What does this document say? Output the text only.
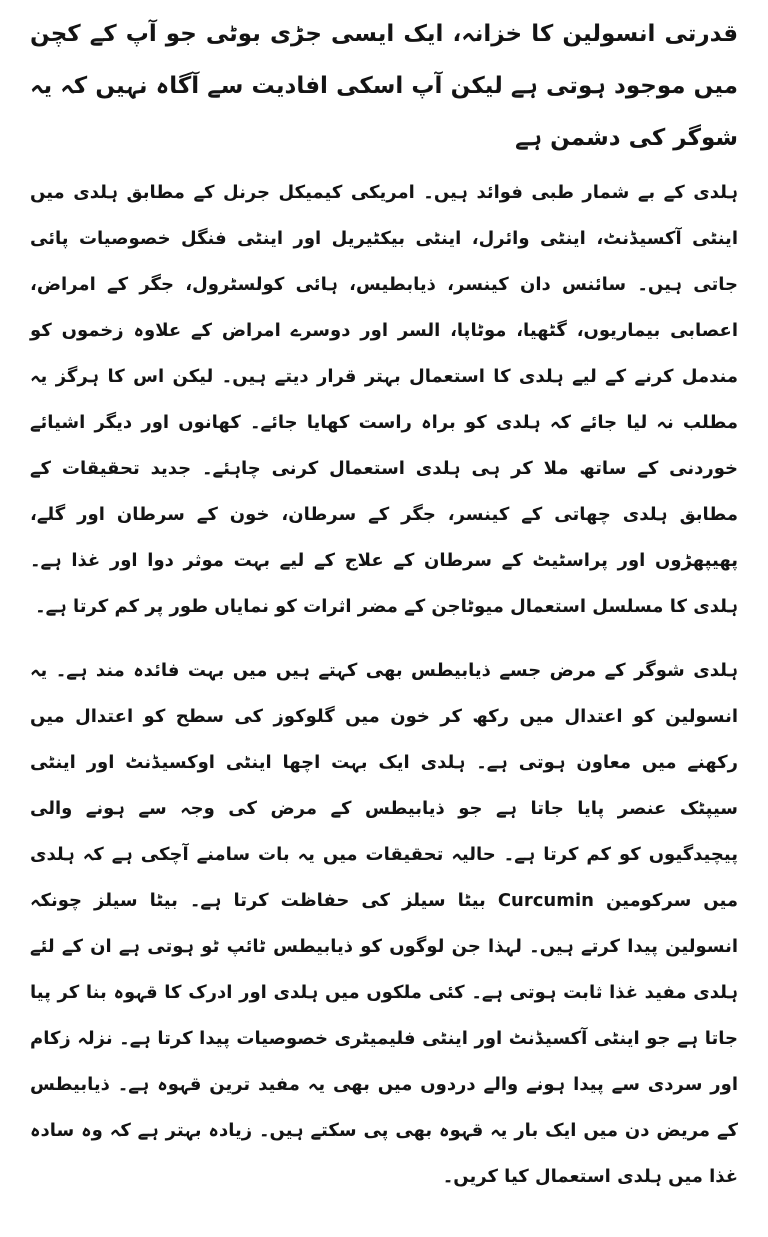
قدرتی انسولین کا خزانہ، ایک ایسی جڑی بوٹی جو آپ کے کچن میں موجود ہوتی ہے لیکن آپ اسکی افادیت سے آگاہ نہیں کہ یہ شوگر کی دشمن ہے

ہلدی کے بے شمار طبی فوائد ہیں۔ امریکی کیمیکل جرنل کے مطابق ہلدی میں اینٹی آکسیڈنٹ، اینٹی وائرل، اینٹی بیکٹیریل اور اینٹی فنگل خصوصیات پائی جاتی ہیں۔ سائنس دان کینسر، ذیابطیس، ہائی کولسٹرول، جگر کے امراض، اعصابی بیماریوں، گٹھیا، موٹاپا، السر اور دوسرے امراض کے علاوہ زخموں کو مندمل کرنے کے لیے ہلدی کا استعمال بہتر قرار دیتے ہیں۔ لیکن اس کا ہرگز یہ مطلب نہ لیا جائے کہ ہلدی کو براہ راست کھایا جائے۔ کھانوں اور دیگر اشیائے خوردنی کے ساتھ ملا کر ہی ہلدی استعمال کرنی چاہئے۔ جدید تحقیقات کے مطابق ہلدی چھاتی کے کینسر، جگر کے سرطان، خون کے سرطان اور گلے، پھیپھڑوں اور پراسٹیٹ کے سرطان کے علاج کے لیے بہت موثر دوا اور غذا ہے۔ ہلدی کا مسلسل استعمال میوٹاجن کے مضر اثرات کو نمایاں طور پر کم کرتا ہے۔

ہلدی شوگر کے مرض جسے ذیابیطس بھی کہتے ہیں میں بہت فائدہ مند ہے۔ یہ انسولین کو اعتدال میں رکھ کر خون میں گلوکوز کی سطح کو اعتدال میں رکھنے میں معاون ہوتی ہے۔ ہلدی ایک بہت اچھا اینٹی اوکسیڈنٹ اور اینٹی سیپٹک عنصر پایا جاتا ہے جو ذیابیطس کے مرض کی وجہ سے ہونے والی پیچیدگیوں کو کم کرتا ہے۔ حالیہ تحقیقات میں یہ بات سامنے آچکی ہے کہ ہلدی میں سرکومین Curcumin بیٹا سیلز کی حفاظت کرتا ہے۔ بیٹا سیلز چونکہ انسولین پیدا کرتے ہیں۔ لہذا جن لوگوں کو ذیابیطس ٹائپ ٹو ہوتی ہے ان کے لئے ہلدی مفید غذا ثابت ہوتی ہے۔ کئی ملکوں میں ہلدی اور ادرک کا قہوہ بنا کر پیا جاتا ہے جو اینٹی آکسیڈنٹ اور اینٹی فلیمیٹری خصوصیات پیدا کرتا ہے۔ نزلہ زکام اور سردی سے پیدا ہونے والے دردوں میں بھی یہ مفید ترین قہوہ ہے۔ ذیابیطس کے مریض دن میں ایک بار یہ قہوہ بھی پی سکتے ہیں۔ زیادہ بہتر ہے کہ وہ سادہ غذا میں ہلدی استعمال کیا کریں۔
